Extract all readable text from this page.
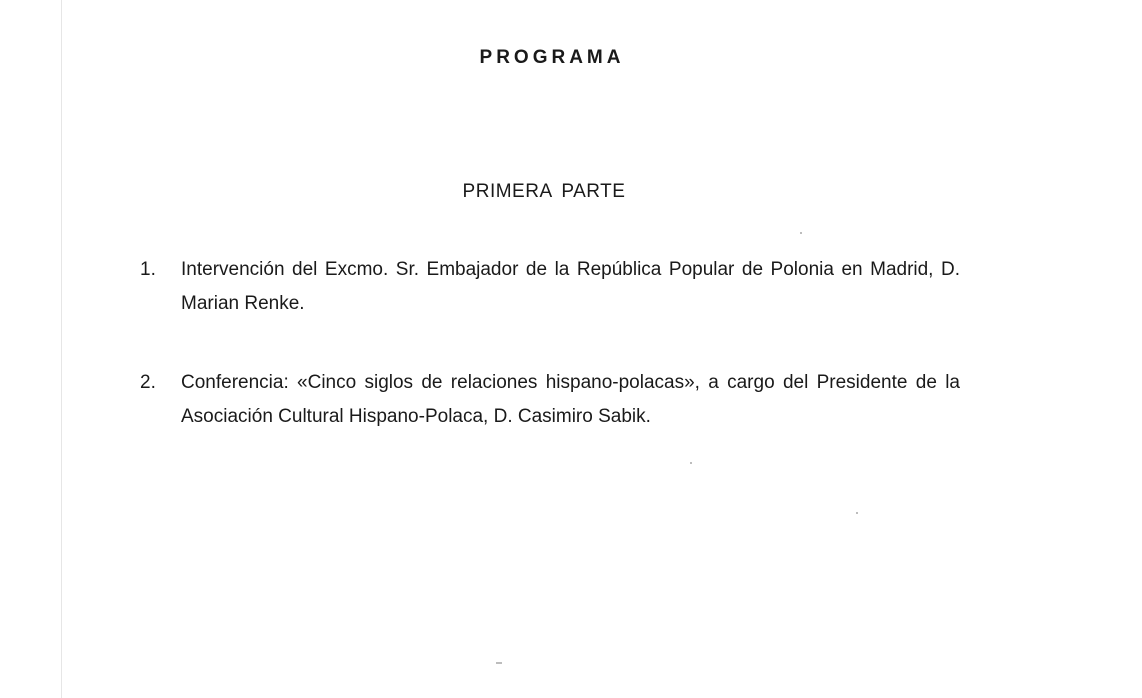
PROGRAMA
PRIMERA PARTE
1.	Intervención del Excmo. Sr. Embajador de la República Popular de Polonia en Madrid, D. Marian Renke.
2.	Conferencia: «Cinco siglos de relaciones hispano-polacas», a cargo del Presidente de la Asociación Cultural Hispano-Polaca, D. Casimiro Sabik.
